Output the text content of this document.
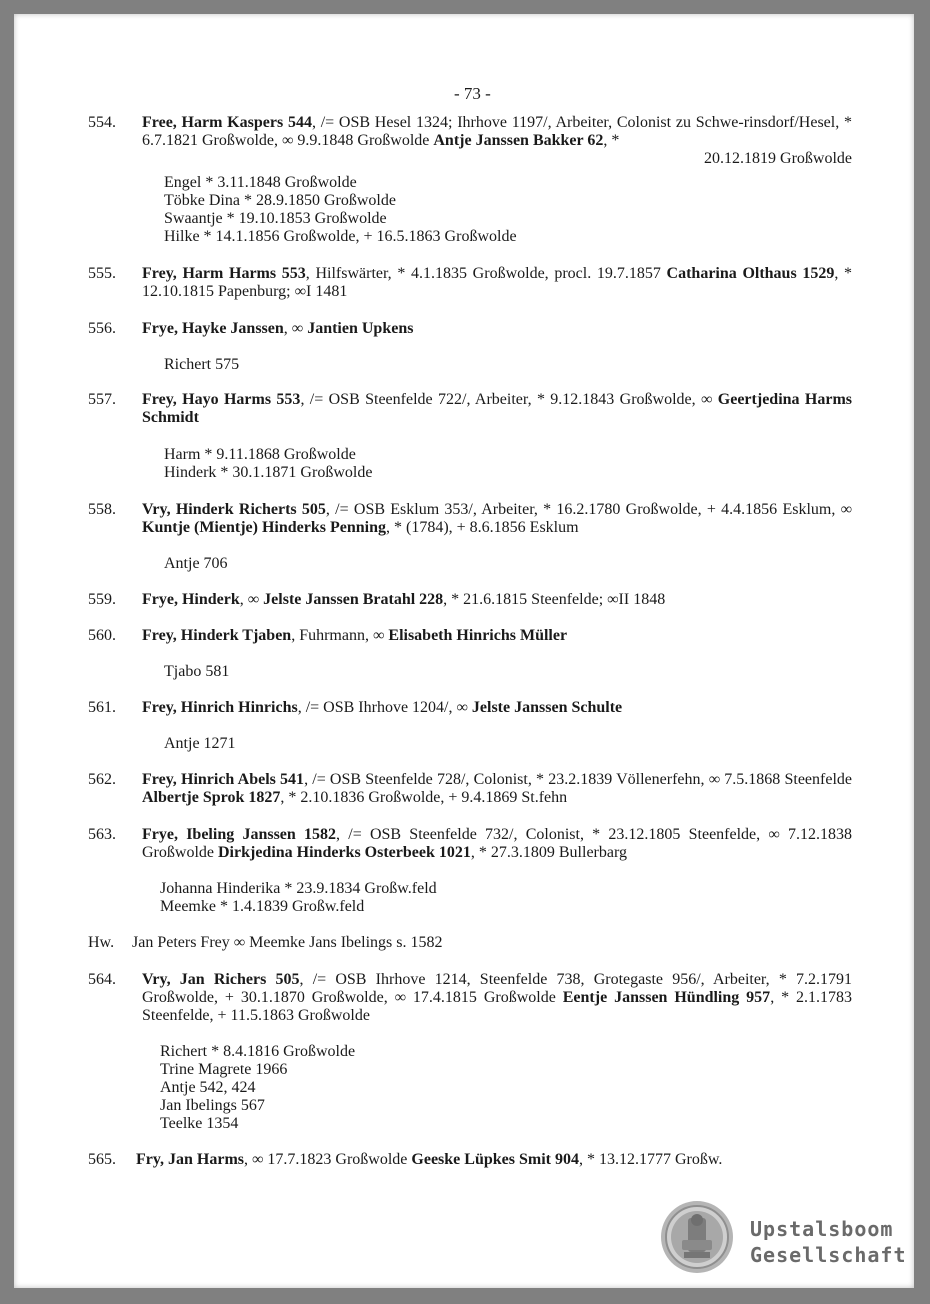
- 73 -
554. Free, Harm Kaspers 544, /= OSB Hesel 1324; Ihrhove 1197/, Arbeiter, Colonist zu Schwe-rinsdorf/Hesel, * 6.7.1821 Großwolde, ∞ 9.9.1848 Großwolde Antje Janssen Bakker 62, *
20.12.1819 Großwolde
Engel * 3.11.1848 Großwolde
Töbke Dina * 28.9.1850 Großwolde
Swaantje * 19.10.1853 Großwolde
Hilke * 14.1.1856 Großwolde, + 16.5.1863 Großwolde
555. Frey, Harm Harms 553, Hilfswärter, * 4.1.1835 Großwolde, procl. 19.7.1857 Catharina Olthaus 1529, * 12.10.1815 Papenburg; ∞I 1481
556. Frye, Hayke Janssen, ∞ Jantien Upkens
Richert 575
557. Frey, Hayo Harms 553, /= OSB Steenfelde 722/, Arbeiter, * 9.12.1843 Großwolde, ∞ Geertjedina Harms Schmidt
Harm * 9.11.1868 Großwolde
Hinderk * 30.1.1871 Großwolde
558. Vry, Hinderk Richerts 505, /= OSB Esklum 353/, Arbeiter, * 16.2.1780 Großwolde, + 4.4.1856 Esklum, ∞ Kuntje (Mientje) Hinderks Penning, * (1784), + 8.6.1856 Esklum
Antje 706
559. Frye, Hinderk, ∞ Jelste Janssen Bratahl 228, * 21.6.1815 Steenfelde; ∞II 1848
560. Frey, Hinderk Tjaben, Fuhrmann, ∞ Elisabeth Hinrichs Müller
Tjabo 581
561. Frey, Hinrich Hinrichs, /= OSB Ihrhove 1204/, ∞ Jelste Janssen Schulte
Antje 1271
562. Frey, Hinrich Abels 541, /= OSB Steenfelde 728/, Colonist, * 23.2.1839 Völlenerfehn, ∞ 7.5.1868 Steenfelde Albertje Sprok 1827, * 2.10.1836 Großwolde, + 9.4.1869 St.fehn
563. Frye, Ibeling Janssen 1582, /= OSB Steenfelde 732/, Colonist, * 23.12.1805 Steenfelde, ∞ 7.12.1838 Großwolde Dirkjedina Hinderks Osterbeek 1021, * 27.3.1809 Bullerbarg
Johanna Hinderika * 23.9.1834 Großw.feld
Meemke * 1.4.1839 Großw.feld
Hw. Jan Peters Frey ∞ Meemke Jans Ibelings s. 1582
564. Vry, Jan Richers 505, /= OSB Ihrhove 1214, Steenfelde 738, Grotegaste 956/, Arbeiter, * 7.2.1791 Großwolde, + 30.1.1870 Großwolde, ∞ 17.4.1815 Großwolde Eentje Janssen Hündling 957, * 2.1.1783 Steenfelde, + 11.5.1863 Großwolde
Richert * 8.4.1816 Großwolde
Trine Magrete 1966
Antje 542, 424
Jan Ibelings 567
Teelke 1354
565. Fry, Jan Harms, ∞ 17.7.1823 Großwolde Geeske Lüpkes Smit 904, * 13.12.1777 Großw.
Upstalsboom
Gesellschaft
